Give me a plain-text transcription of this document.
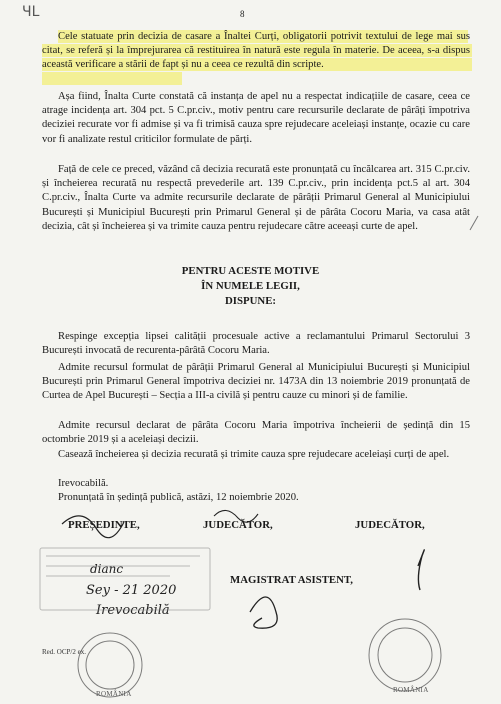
8
ЧL

Cele statuate prin decizia de casare a Înaltei Curți, obligatorii potrivit textului de lege mai sus citat, se referă și la împrejurarea că restituirea în natură este regula în materie. De aceea, s-a dispus această verificare a stării de fapt și nu a ceea ce rezultă din scripte.

Așa fiind, Înalta Curte constată că instanța de apel nu a respectat indicațiile de casare, ceea ce atrage incidența art. 304 pct. 5 C.pr.civ., motiv pentru care recursurile declarate de pârâți împotriva deciziei recurate vor fi admise și va fi trimisă cauza spre rejudecare aceleiași instanțe, ocazie cu care vor fi analizate restul criticilor formulate de părți.

Față de cele ce preced, văzând că decizia recurată este pronunțată cu încălcarea art. 315 C.pr.civ. și încheierea recurată nu respectă prevederile art. 139 C.pr.civ., prin incidența pct.5 al art. 304 C.pr.civ., Înalta Curte va admite recursurile declarate de pârâții Primarul General al Municipiului București și Municipiul București prin Primarul General și de pârâta Cocoru Maria, va casa atât decizia, cât și încheierea și va trimite cauza pentru rejudecare către aceeași curte de apel.

PENTRU ACESTE MOTIVE
ÎN NUMELE LEGII,
DISPUNE:

Respinge excepția lipsei calității procesuale active a reclamantului Primarul Sectorului 3 București invocată de recurenta-pârâtă Cocoru Maria.

Admite recursul formulat de pârâții Primarul General al Municipiului București și Municipiul București prin Primarul General împotriva deciziei nr. 1473A din 13 noiembrie 2019 pronunțată de Curtea de Apel București – Secția a III-a civilă și pentru cauze cu minori și de familie.

Admite recursul declarat de pârâta Cocoru Maria împotriva încheierii de ședință din 15 octombrie 2019 și a aceleiași decizii.

Casează încheierea și decizia recurată și trimite cauza spre rejudecare aceleiași curți de apel.

Irevocabilă.

Pronunțată în ședință publică, astăzi, 12 noiembrie 2020.

PREȘEDINTE,	JUDECĂTOR,	JUDECĂTOR,
MAGISTRAT ASISTENT,
Red. OCP/2 ex.
dianc
Sey - 21 2020
Irevocabilă
ROMÂNIA	ROMÂNIA
